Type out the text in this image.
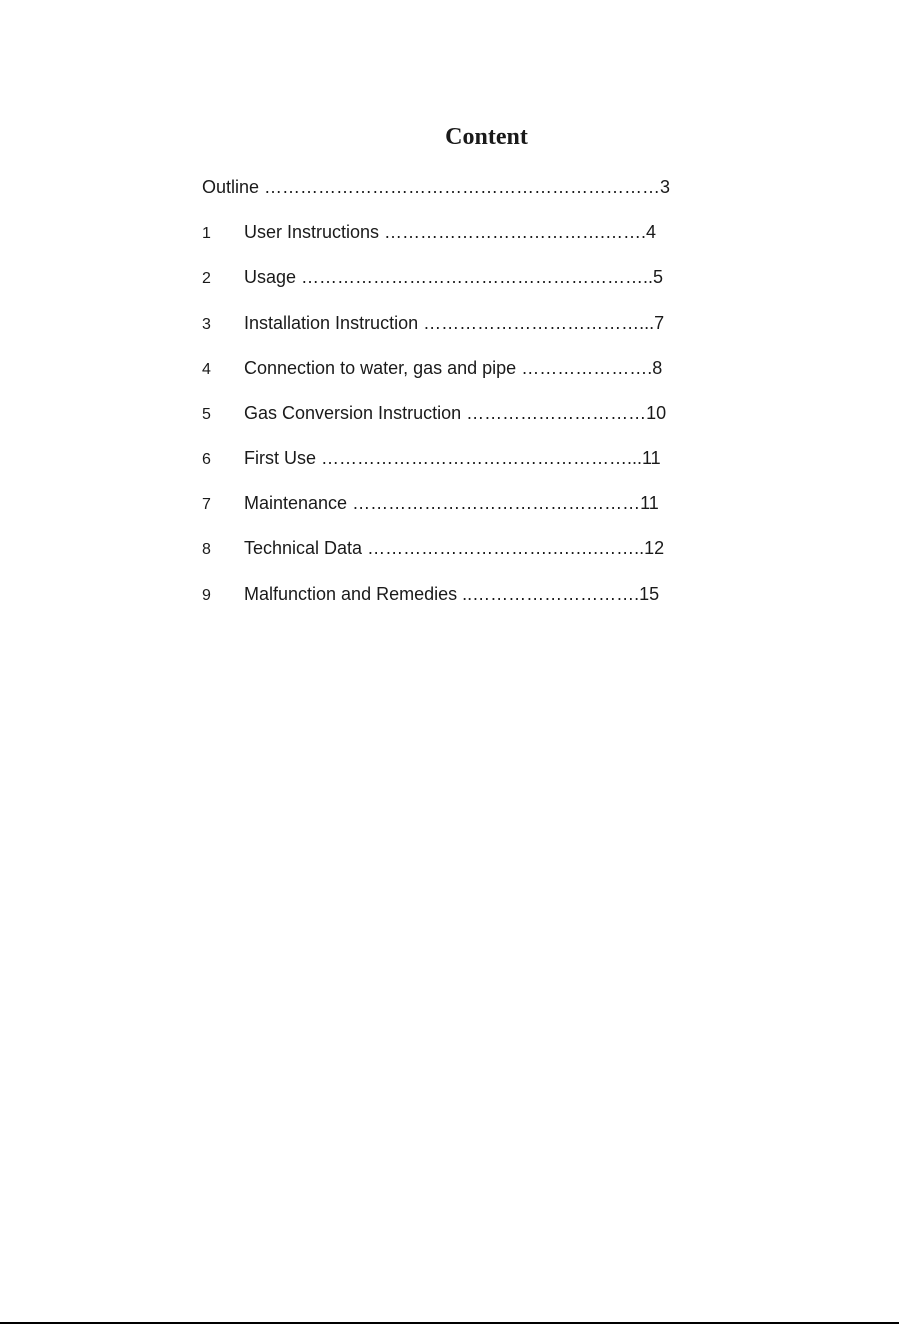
Content
Outline …………………………………………………………3
1 User Instructions ……………………………….…….4
2 Usage …………………………………………………..5
3 Installation Instruction ………………………………...7
4 Connection to water, gas and pipe ………………….8
5 Gas Conversion Instruction …………………………10
6 First Use ……………………………………………...11
7 Maintenance …………………………………………11
8 Technical Data ………………………….….….……..12
9 Malfunction and Remedies ..……………………….15
